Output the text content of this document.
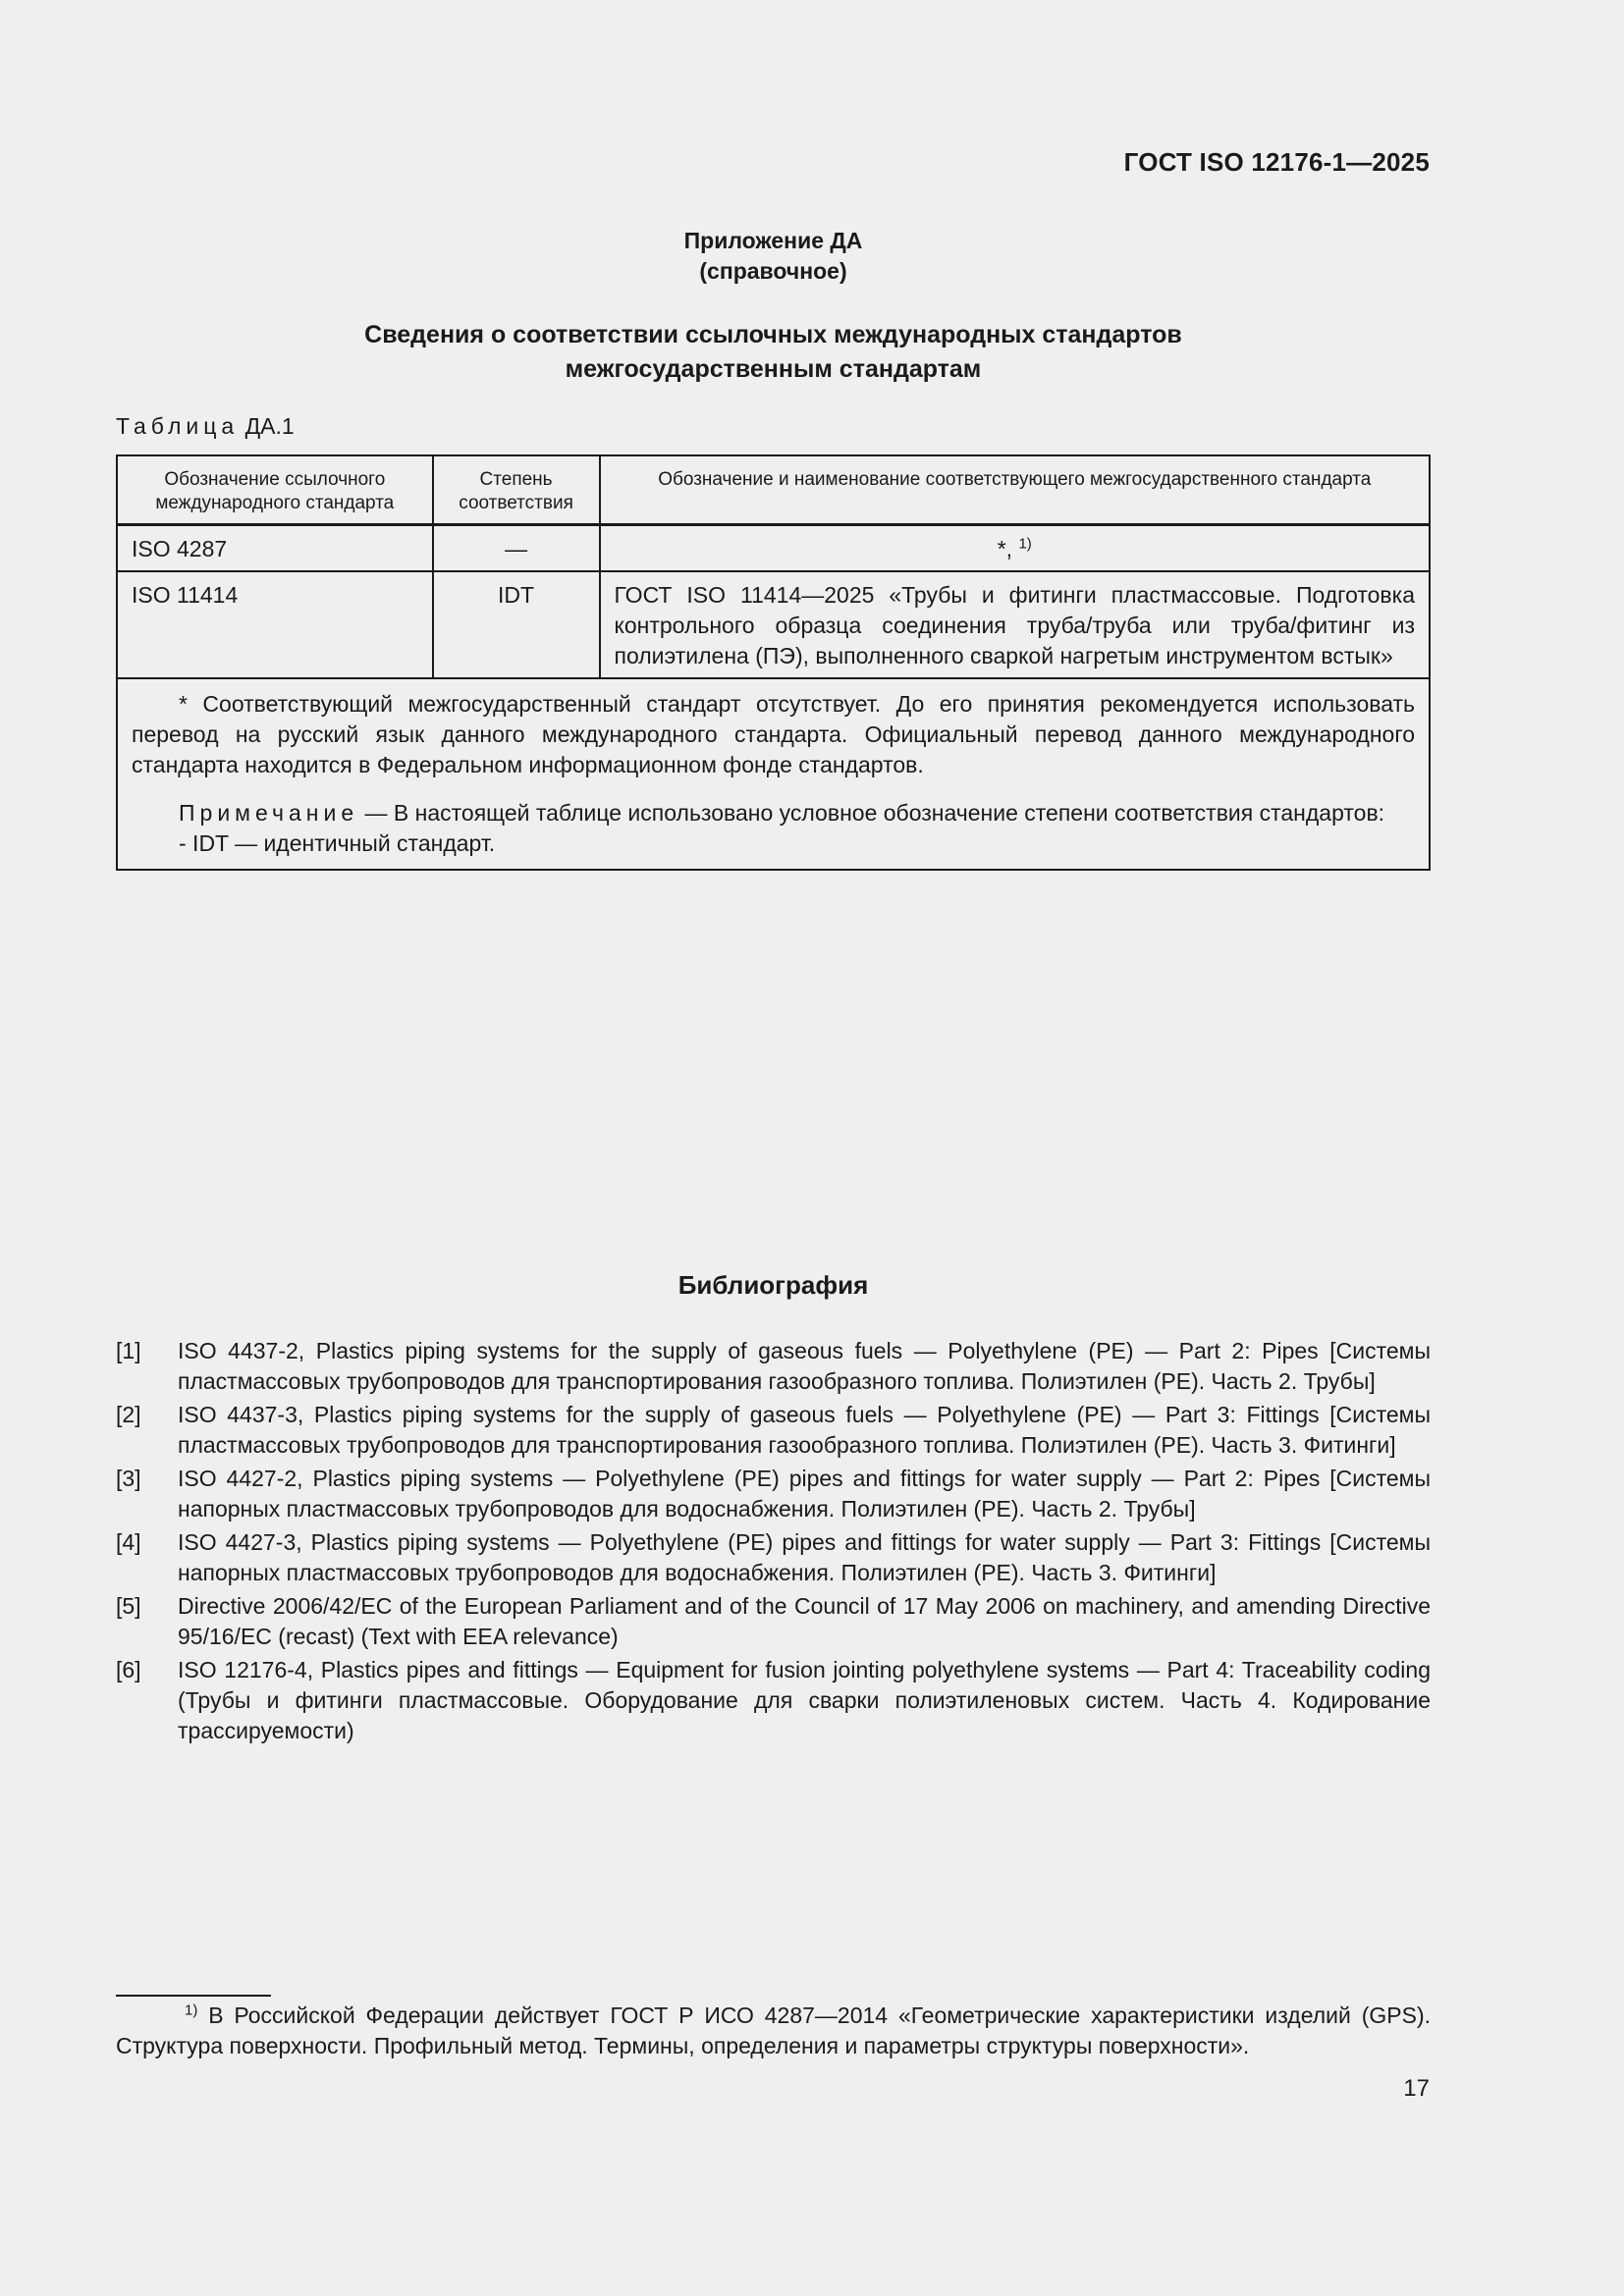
ГОСТ ISO 12176-1—2025
Приложение ДА
(справочное)
Сведения о соответствии ссылочных международных стандартов
межгосударственным стандартам
Таблица ДА.1
Обозначение ссылочного международного стандарта	Степень соответствия	Обозначение и наименование соответствующего межгосударственного стандарта
ISO 4287	—	*, $^{1)}$
ISO 11414	IDT	ГОСТ ISO 11414—2025 «Трубы и фитинги пластмассовые. Подготовка контрольного образца соединения труба/труба или труба/фитинг из полиэтилена (ПЭ), выполненного сваркой нагретым инструментом встык»

* Соответствующий межгосударственный стандарт отсутствует. До его принятия рекомендуется использовать перевод на русский язык данного международного стандарта. Официальный перевод данного международного стандарта находится в Федеральном информационном фонде стандартов.

Примечание — В настоящей таблице использовано условное обозначение степени соответствия стандартов:

- IDT — идентичный стандарт.		

Библиография
[1]	ISO 4437-2, Plastics piping systems for the supply of gaseous fuels — Polyethylene (PE) — Part 2: Pipes [Системы пластмассовых трубопроводов для транспортирования газообразного топлива. Полиэтилен (PE). Часть 2. Трубы]
[2]	ISO 4437-3, Plastics piping systems for the supply of gaseous fuels — Polyethylene (PE) — Part 3: Fittings [Системы пластмассовых трубопроводов для транспортирования газообразного топлива. Полиэтилен (PE). Часть 3. Фитинги]
[3]	ISO 4427-2, Plastics piping systems — Polyethylene (PE) pipes and fittings for water supply — Part 2: Pipes [Системы напорных пластмассовых трубопроводов для водоснабжения. Полиэтилен (PE). Часть 2. Трубы]
[4]	ISO 4427-3, Plastics piping systems — Polyethylene (PE) pipes and fittings for water supply — Part 3: Fittings [Системы напорных пластмассовых трубопроводов для водоснабжения. Полиэтилен (PE). Часть 3. Фитинги]
[5]	Directive 2006/42/EC of the European Parliament and of the Council of 17 May 2006 on machinery, and amending Directive 95/16/EC (recast) (Text with EEA relevance)
[6]	ISO 12176-4, Plastics pipes and fittings — Equipment for fusion jointing polyethylene systems — Part 4: Traceability coding (Трубы и фитинги пластмассовые. Оборудование для сварки полиэтиленовых систем. Часть 4. Кодирование трассируемости)
$^{1)}$ В Российской Федерации действует ГОСТ Р ИСО 4287—2014 «Геометрические характеристики изделий (GPS). Структура поверхности. Профильный метод. Термины, определения и параметры структуры поверхности».
17
